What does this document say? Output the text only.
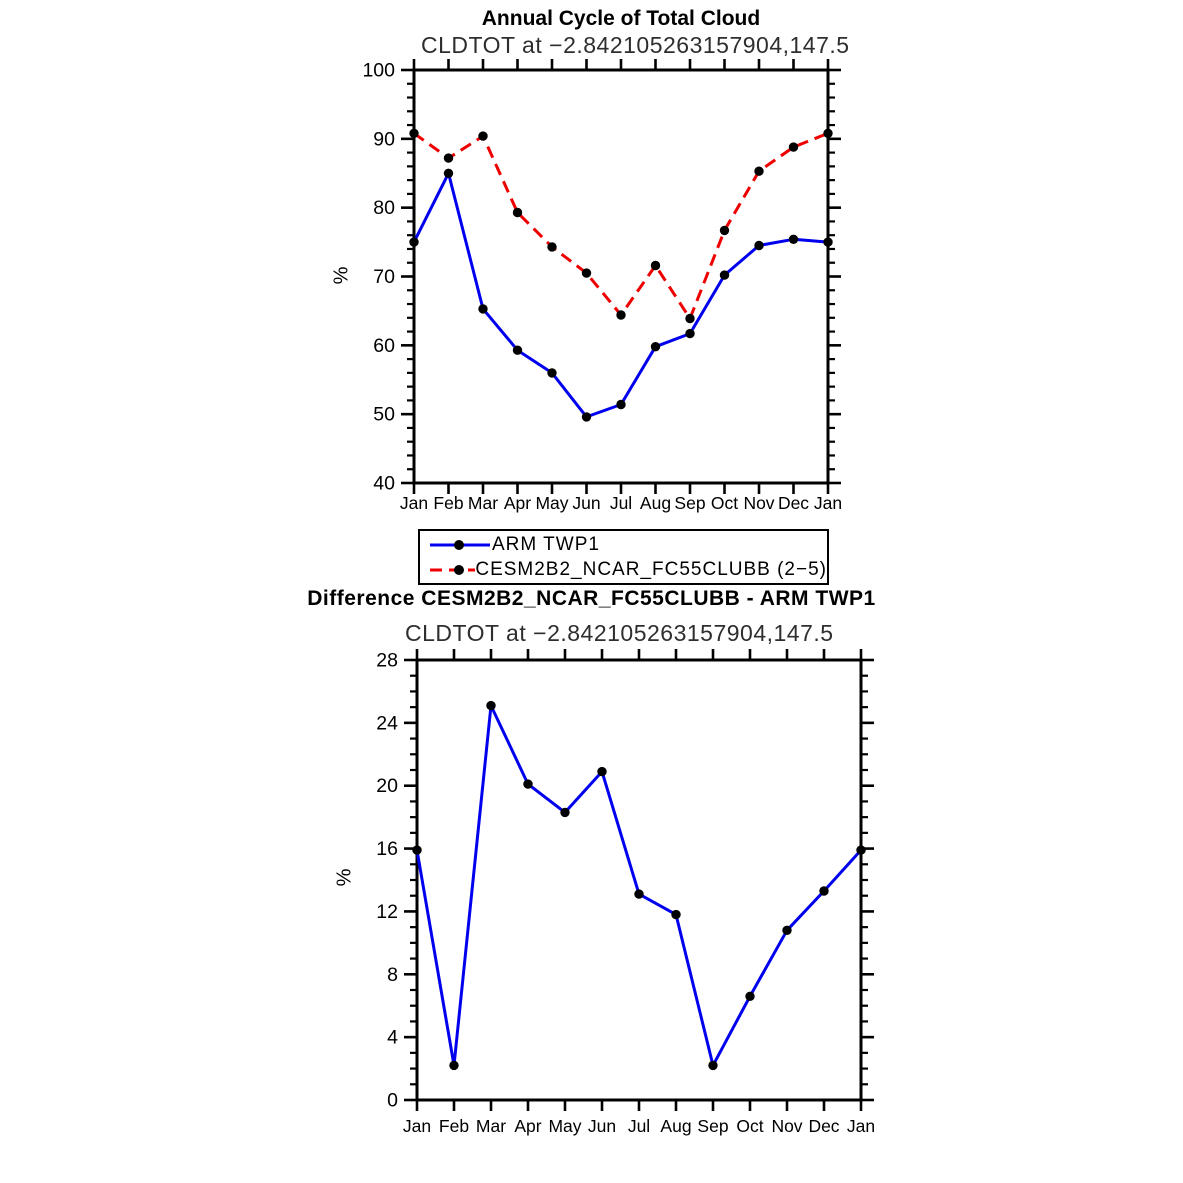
40
50
60
70
80
90
100
Jan Feb Mar Apr May Jun Jul Aug Sep Oct Nov Dec Jan
0
4
8
12
16
20
24
28
Jan Feb Mar Apr May Jun Jul Aug Sep Oct Nov Dec Jan
Annual Cycle of Total Cloud
CLDTOT at −2.842105263157904,147.5
%
ARM TWP1
CESM2B2_NCAR_FC55CLUBB (2−5)
Difference CESM2B2_NCAR_FC55CLUBB - ARM TWP1
CLDTOT at −2.842105263157904,147.5
%
